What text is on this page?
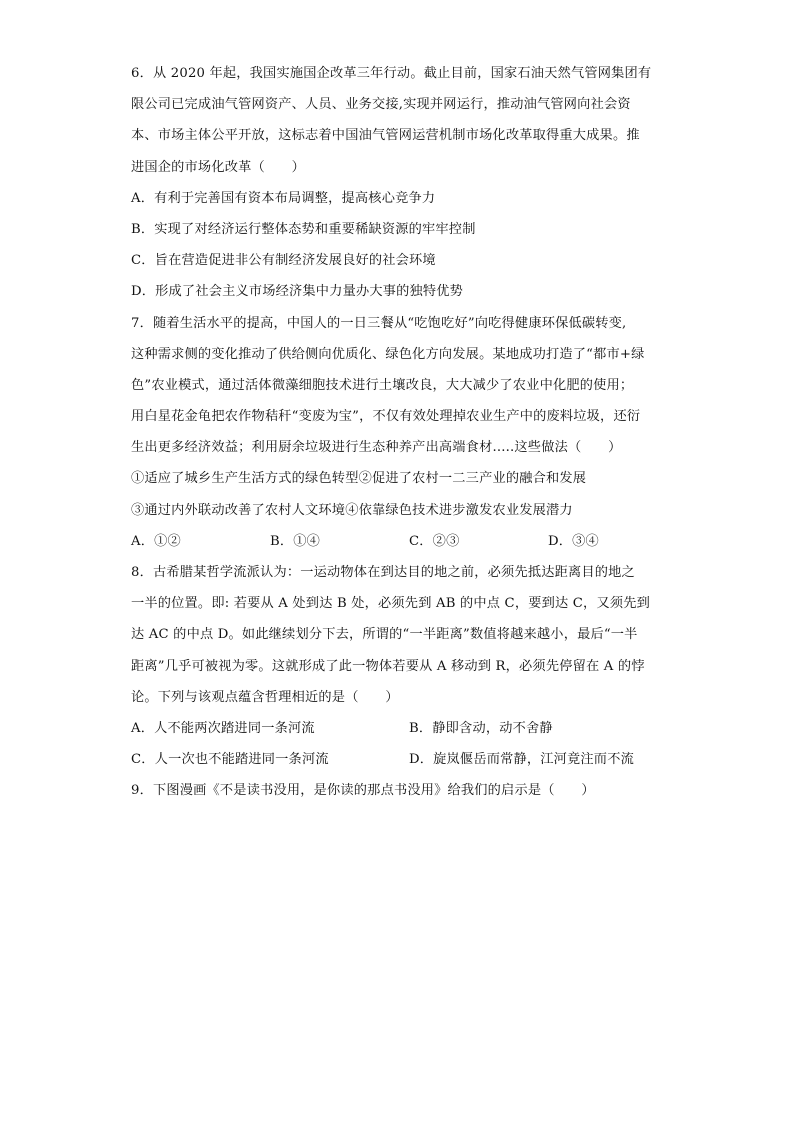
6．从 2020 年起，我国实施国企改革三年行动。截止目前，国家石油天然气管网集团有
限公司已完成油气管网资产、人员、业务交接,实现并网运行，推动油气管网向社会资
本、市场主体公平开放，这标志着中国油气管网运营机制市场化改革取得重大成果。推
进国企的市场化改革（　　）
A．有利于完善国有资本布局调整，提高核心竞争力
B．实现了对经济运行整体态势和重要稀缺资源的牢牢控制
C．旨在营造促进非公有制经济发展良好的社会环境
D．形成了社会主义市场经济集中力量办大事的独特优势
7．随着生活水平的提高，中国人的一日三餐从“吃饱吃好”向吃得健康环保低碳转变,
这种需求侧的变化推动了供给侧向优质化、绿色化方向发展。某地成功打造了“都市+绿
色”农业模式，通过活体微藻细胞技术进行土壤改良，大大减少了农业中化肥的使用；
用白星花金龟把农作物秸秆“变废为宝”，不仅有效处理掉农业生产中的废料垃圾，还衍
生出更多经济效益；利用厨余垃圾进行生态种养产出高端食材.....这些做法（　　）
①适应了城乡生产生活方式的绿色转型②促进了农村一二三产业的融合和发展
③通过内外联动改善了农村人文环境④依靠绿色技术进步激发农业发展潜力
A．①②	B．①④	C．②③	D．③④
8．古希腊某哲学流派认为：一运动物体在到达目的地之前，必须先抵达距离目的地之
一半的位置。即: 若要从 A 处到达 B 处，必须先到 AB 的中点 C，要到达 C，又须先到
达 AC 的中点 D。如此继续划分下去，所谓的“一半距离”数值将越来越小，最后“一半
距离”几乎可被视为零。这就形成了此一物体若要从 A 移动到 R，必须先停留在 A 的悖
论。下列与该观点蕴含哲理相近的是（　　）
A．人不能两次踏进同一条河流	B．静即含动，动不舍静
C．人一次也不能踏进同一条河流	D．旋岚偃岳而常静，江河竟注而不流
9．下图漫画《不是读书没用，是你读的那点书没用》给我们的启示是（　　）
